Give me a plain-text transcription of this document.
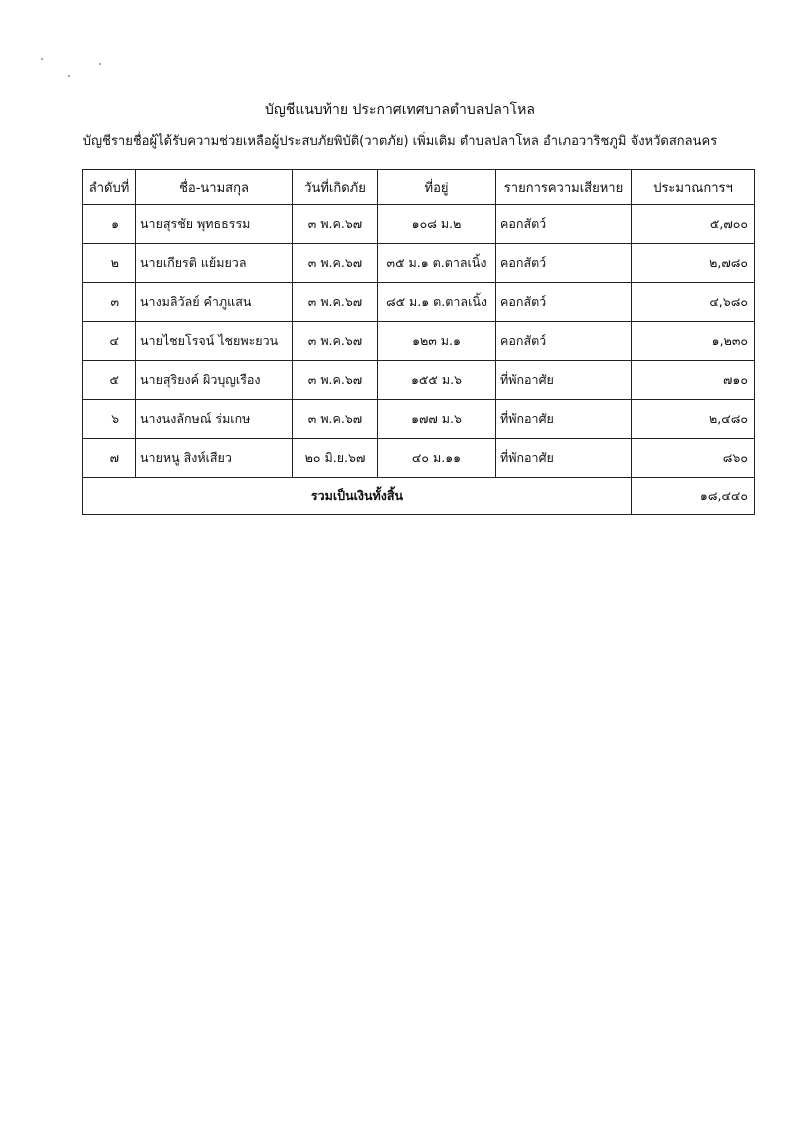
บัญชีแนบท้าย ประกาศเทศบาลตำบลปลาโหล
บัญชีรายชื่อผู้ได้รับความช่วยเหลือผู้ประสบภัยพิบัติ(วาตภัย) เพิ่มเติม ตำบลปลาโหล อำเภอวาริชภูมิ จังหวัดสกลนคร
ลำดับที่	ชื่อ-นามสกุล	วันที่เกิดภัย	ที่อยู่	รายการความเสียหาย	ประมาณการฯ
๑	นายสุรชัย พุทธธรรม	๓ พ.ค.๖๗	๑๐๘ ม.๒	คอกสัตว์	๕,๗๐๐
๒	นายเกียรติ แย้มยวล	๓ พ.ค.๖๗	๓๕ ม.๑ ต.ตาลเนิ้ง	คอกสัตว์	๒,๗๘๐
๓	นางมลิวัลย์ คำภูแสน	๓ พ.ค.๖๗	๘๕ ม.๑ ต.ตาลเนิ้ง	คอกสัตว์	๔,๖๘๐
๔	นายไชยโรจน์ ไชยพะยวน	๓ พ.ค.๖๗	๑๒๓ ม.๑	คอกสัตว์	๑,๒๓๐
๕	นายสุริยงค์ ผิวบุญเรือง	๓ พ.ค.๖๗	๑๕๕ ม.๖	ที่พักอาศัย	๗๑๐
๖	นางนงลักษณ์ ร่มเกษ	๓ พ.ค.๖๗	๑๗๗ ม.๖	ที่พักอาศัย	๒,๔๘๐
๗	นายหนู สิงห์เสียว	๒๐ มิ.ย.๖๗	๔๐ ม.๑๑	ที่พักอาศัย	๘๖๐
รวมเป็นเงินทั้งสิ้น					๑๘,๔๔๐
